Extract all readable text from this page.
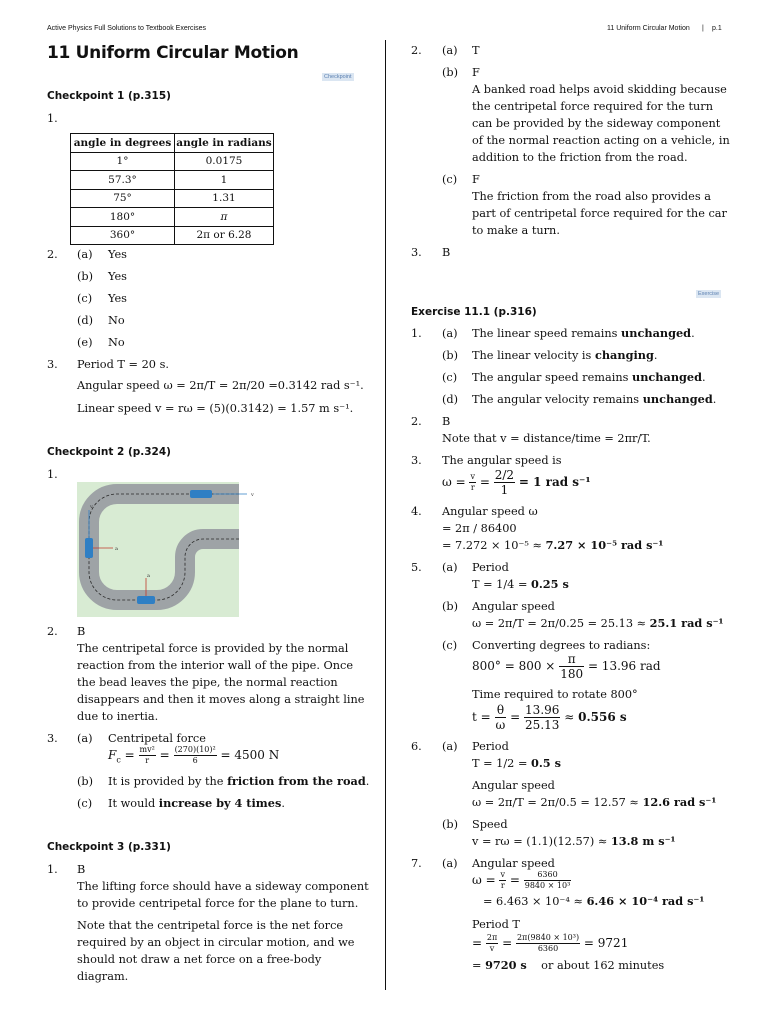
Active Physics Full Solutions to Textbook Exercises	11 Uniform Circular Motion | p.1
11 Uniform Circular Motion
Checkpoint
Checkpoint 1 (p.315)
1.
angle in degrees	angle in radians
1°	0.0175
57.3°	1
75°	1.31
180°	π
360°	2π or 6.28
2. (a) Yes
(b) Yes
(c) Yes
(d) No
(e) No
3. Period T = 20 s.
Angular speed ω = 2π/T = 2π/20 =0.3142 rad s⁻¹.
Linear speed v = rω = (5)(0.3142) = 1.57 m s⁻¹.
Checkpoint 2 (p.324)
1.
v
v
a
a
2. B
The centripetal force is provided by the normal
reaction from the interior wall of the pipe. Once
the bead leaves the pipe, the normal reaction
disappears and then it moves along a straight line
due to inertia.
3. (a) Centripetal force
$F_c = \frac{\text{mv²}}{r} = \frac{\text{(270)(10)²}}{6} = 4500$ N
(b) It is provided by the friction from the road.
(c) It would increase by 4 times.
Checkpoint 3 (p.331)
1. B
The lifting force should have a sideway component
to provide centripetal force for the plane to turn.
Note that the centripetal force is the net force
required by an object in circular motion, and we
should not draw a net force on a free-body
diagram.
2. (a) T
(b) F
A banked road helps avoid skidding because
the centripetal force required for the turn
can be provided by the sideway component
of the normal reaction acting on a vehicle, in
addition to the friction from the road.
(c) F
The friction from the road also provides a
part of centripetal force required for the car
to make a turn.
3. B
Exercise
Exercise 11.1 (p.316)
1. (a) The linear speed remains unchanged.
(b) The linear velocity is changing.
(c) The angular speed remains unchanged.
(d) The angular velocity remains unchanged.
2. B
Note that v = distance/time = 2πr/T.
3. The angular speed is
$\omega = \frac{v}{r} = \frac{2/2}{1} = 1$ rad s⁻¹
4. Angular speed ω
= 2π / 86400
= 7.272 × 10⁻⁵ ≈ 7.27 × 10⁻⁵ rad s⁻¹
5. (a) Period
T = 1/4 = 0.25 s
(b) Angular speed
ω = 2π/T = 2π/0.25 = 25.13 ≈ 25.1 rad s⁻¹
(c) Converting degrees to radians:
$800^\circ = 800 \times \frac{\pi}{180} = 13.96$ rad
Time required to rotate 800°
$t = \frac{\theta}{\omega} = \frac{13.96}{25.13} \approx 0.556$ s
6. (a) Period
T = 1/2 = 0.5 s
Angular speed
ω = 2π/T = 2π/0.5 = 12.57 ≈ 12.6 rad s⁻¹
(b) Speed
v = rω = (1.1)(12.57) ≈ 13.8 m s⁻¹
7. (a) Angular speed
$\omega = \frac{v}{r} = \frac{6360}{\text{9840 × 10³}}$
= 6.463 × 10⁻⁴ ≈ 6.46 × 10⁻⁴ rad s⁻¹
Period T
= $\frac{2\pi}{v} = \frac{\text{2π(9840 × 10³)}}{6360} = 9721$
= 9720 s    or about 162 minutes
